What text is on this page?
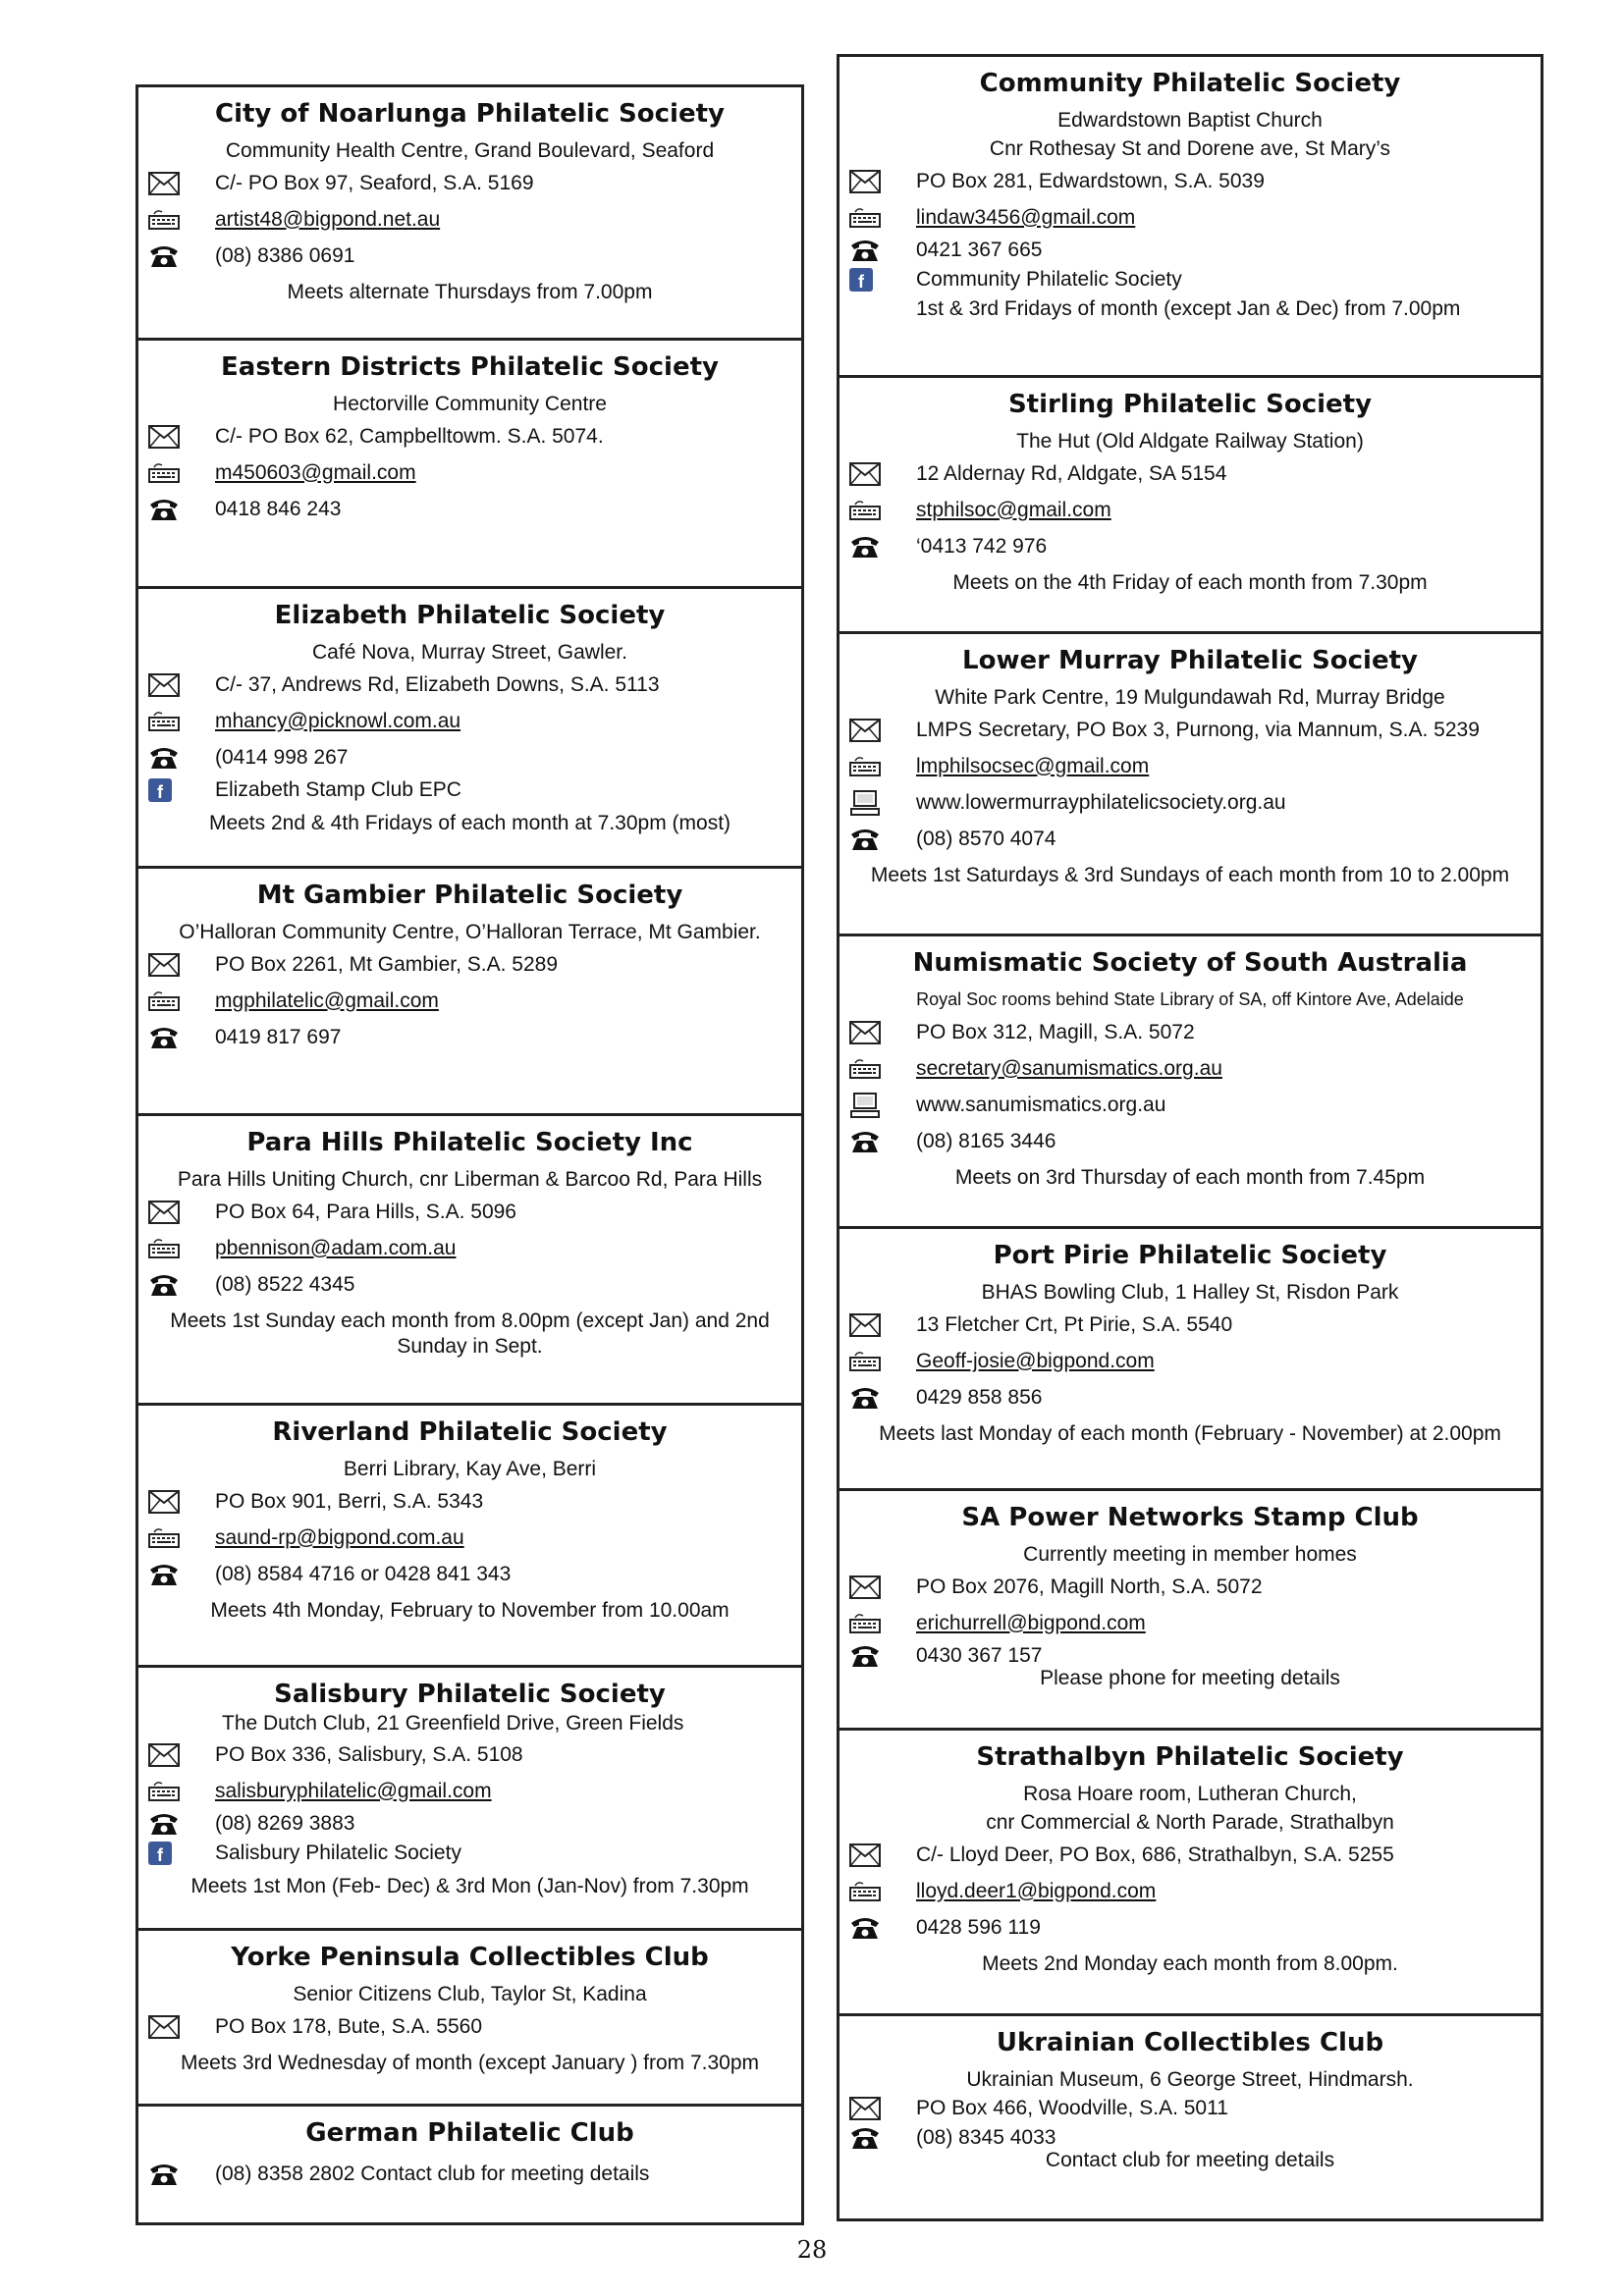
City of Noarlunga Philatelic Society
Community Health Centre, Grand Boulevard, Seaford
C/- PO Box 97, Seaford, S.A. 5169
artist48@bigpond.net.au
(08) 8386 0691
Meets alternate Thursdays from 7.00pm
Eastern Districts Philatelic Society
Hectorville Community Centre
C/- PO Box 62, Campbelltowm. S.A. 5074.
m450603@gmail.com
0418 846 243
Elizabeth Philatelic Society
Café Nova, Murray Street, Gawler.
C/- 37, Andrews Rd, Elizabeth Downs, S.A. 5113
mhancy@picknowl.com.au
(0414 998 267
f	Elizabeth Stamp Club EPC
Meets 2nd & 4th Fridays of each month at 7.30pm (most)
Mt Gambier Philatelic Society
O’Halloran Community Centre, O’Halloran Terrace, Mt Gambier.
PO Box 2261, Mt Gambier, S.A. 5289
mgphilatelic@gmail.com
0419 817 697
Para Hills Philatelic Society Inc
Para Hills Uniting Church, cnr Liberman & Barcoo Rd, Para Hills
PO Box 64, Para Hills, S.A. 5096
pbennison@adam.com.au
(08) 8522 4345
Meets 1st Sunday each month from 8.00pm (except Jan) and 2nd Sunday in Sept.
Riverland Philatelic Society
Berri Library, Kay Ave, Berri
PO Box 901, Berri, S.A. 5343
saund-rp@bigpond.com.au
(08) 8584 4716 or 0428 841 343
Meets 4th Monday, February to November from 10.00am
Salisbury Philatelic Society
The Dutch Club, 21 Greenfield Drive, Green Fields
PO Box 336, Salisbury, S.A. 5108
salisburyphilatelic@gmail.com
(08) 8269 3883
f	Salisbury Philatelic Society
Meets 1st Mon (Feb- Dec) & 3rd Mon (Jan-Nov) from 7.30pm
Yorke Peninsula Collectibles Club
Senior Citizens Club, Taylor St, Kadina
PO Box 178, Bute, S.A. 5560
Meets 3rd Wednesday of month (except January ) from 7.30pm
German Philatelic Club
(08) 8358 2802 Contact club for meeting details
Community Philatelic Society
Edwardstown Baptist Church
Cnr Rothesay St and Dorene ave, St Mary’s
PO Box 281, Edwardstown, S.A. 5039
lindaw3456@gmail.com
0421 367 665
f	Community Philatelic Society
1st & 3rd Fridays of month (except Jan & Dec) from 7.00pm
Stirling Philatelic Society
The Hut (Old Aldgate Railway Station)
12 Aldernay Rd, Aldgate, SA 5154
stphilsoc@gmail.com
‘0413 742 976
Meets on the 4th Friday of each month from 7.30pm
Lower Murray Philatelic Society
White Park Centre, 19 Mulgundawah Rd, Murray Bridge
LMPS Secretary, PO Box 3, Purnong, via Mannum, S.A. 5239
lmphilsocsec@gmail.com
www.lowermurrayphilatelicsociety.org.au
(08) 8570 4074
Meets 1st Saturdays & 3rd Sundays of each month from 10 to 2.00pm
Numismatic Society of South Australia
Royal Soc rooms behind State Library of SA, off Kintore Ave, Adelaide
PO Box 312, Magill, S.A. 5072
secretary@sanumismatics.org.au
www.sanumismatics.org.au
(08) 8165 3446
Meets on 3rd Thursday of each month from 7.45pm
Port Pirie Philatelic Society
BHAS Bowling Club, 1 Halley St, Risdon Park
13 Fletcher Crt, Pt Pirie, S.A. 5540
Geoff-josie@bigpond.com
0429 858 856
Meets last Monday of each month (February - November) at 2.00pm
SA Power Networks Stamp Club
Currently meeting in member homes
PO Box 2076, Magill North, S.A. 5072
erichurrell@bigpond.com
0430 367 157
Please phone for meeting details
Strathalbyn Philatelic Society
Rosa Hoare room, Lutheran Church,
cnr Commercial & North Parade, Strathalbyn
C/- Lloyd Deer, PO Box, 686, Strathalbyn, S.A. 5255
lloyd.deer1@bigpond.com
0428 596 119
Meets 2nd Monday each month from 8.00pm.
Ukrainian Collectibles Club
Ukrainian Museum, 6 George Street, Hindmarsh.
PO Box 466, Woodville, S.A. 5011
(08) 8345 4033
Contact club for meeting details
28
